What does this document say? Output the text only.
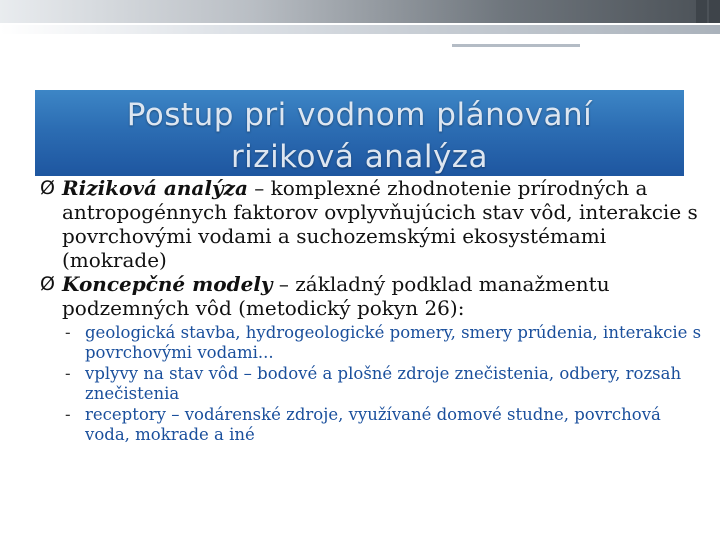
Postup pri vodnom plánovaní
riziková analýza
Ø Riziková analýza – komplexné zhodnotenie prírodných a antropogénnych faktorov ovplyvňujúcich stav vôd, interakcie s povrchovými vodami a suchozemskými ekosystémami (mokrade)
Ø Koncepčné modely – základný podklad manažmentu podzemných vôd (metodický pokyn 26):
- geologická stavba, hydrogeologické pomery, smery prúdenia, interakcie s povrchovými vodami...
- vplyvy na stav vôd – bodové a plošné zdroje znečistenia, odbery, rozsah znečistenia
- receptory – vodárenské zdroje, využívané domové studne, povrchová voda, mokrade a iné
